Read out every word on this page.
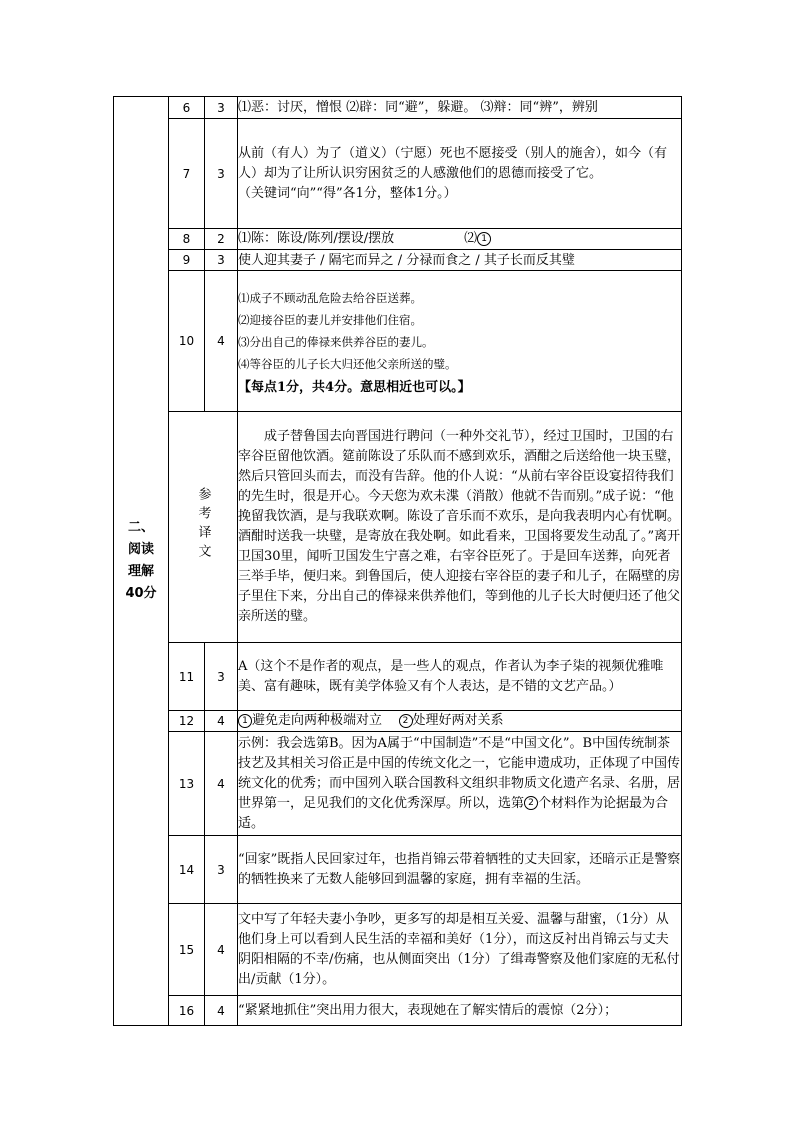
二、
阅读
理解
40分	6	3	⑴恶：讨厌，憎恨 ⑵辟：同“避”，躲避。 ⑶辩：同“辨”，辨别
	7	3	从前（有人）为了（道义）（宁愿）死也不愿接受（别人的施舍），如今（有人）却为了让所认识穷困贫乏的人感激他们的恩德而接受了它。

（关键词“向”“得”各1分，整体1分。）

	8	2	⑴陈：陈设/陈列/摆设/摆放 ⑵ 1
	9	3	使人迎其妻子 / 隔宅而异之 / 分禄而食之 / 其子长而反其璧
	10	4	⑴成子不顾动乱危险去给谷臣送葬。

⑵迎接谷臣的妻儿并安排他们住宿。

⑶分出自己的俸禄来供养谷臣的妻儿。

⑷等谷臣的儿子长大归还他父亲所送的璧。

【每点1分，共4分。意思相近也可以。】

	参考译文		成子替鲁国去向晋国进行聘问（一种外交礼节），经过卫国时，卫国的右宰谷臣留他饮酒。筵前陈设了乐队而不感到欢乐，酒酣之后送给他一块玉璧，然后只管回头而去，而没有告辞。他的仆人说：“从前右宰谷臣设宴招待我们的先生时，很是开心。今天您为欢未渫（消散）他就不告而别。”成子说：“他挽留我饮酒，是与我联欢啊。陈设了音乐而不欢乐，是向我表明内心有忧啊。酒酣时送我一块璧，是寄放在我处啊。如此看来，卫国将要发生动乱了。”离开卫国30里，闻听卫国发生宁喜之难，右宰谷臣死了。于是回车送葬，向死者三举手毕，便归来。到鲁国后，使人迎接右宰谷臣的妻子和儿子，在隔壁的房子里住下来，分出自己的俸禄来供养他们，等到他的儿子长大时便归还了他父亲所送的璧。

	11	3	A（这个不是作者的观点，是一些人的观点，作者认为李子柒的视频优雅唯美、富有趣味，既有美学体验又有个人表达，是不错的文艺产品。）
	12	4	1 避免走向两种极端对立 2 处理好两对关系
	13	4	示例：我会选第B。因为A属于“中国制造”不是“中国文化”。B中国传统制茶技艺及其相关习俗正是中国的传统文化之一，它能申遗成功，正体现了中国传统文化的优秀；而中国列入联合国教科文组织非物质文化遗产名录、名册，居世界第一，足见我们的文化优秀深厚。所以，选第 2 个材料作为论据最为合适。
	14	3	“回家”既指人民回家过年，也指肖锦云带着牺牲的丈夫回家，还暗示正是警察的牺牲换来了无数人能够回到温馨的家庭，拥有幸福的生活。
	15	4	文中写了年轻夫妻小争吵，更多写的却是相互关爱、温馨与甜蜜，（1分）从他们身上可以看到人民生活的幸福和美好（1分），而这反衬出肖锦云与丈夫阴阳相隔的不幸/伤痛，也从侧面突出（1分）了缉毒警察及他们家庭的无私付出/贡献（1分）。
	16	4	“紧紧地抓住”突出用力很大，表现她在了解实情后的震惊（2分）；
